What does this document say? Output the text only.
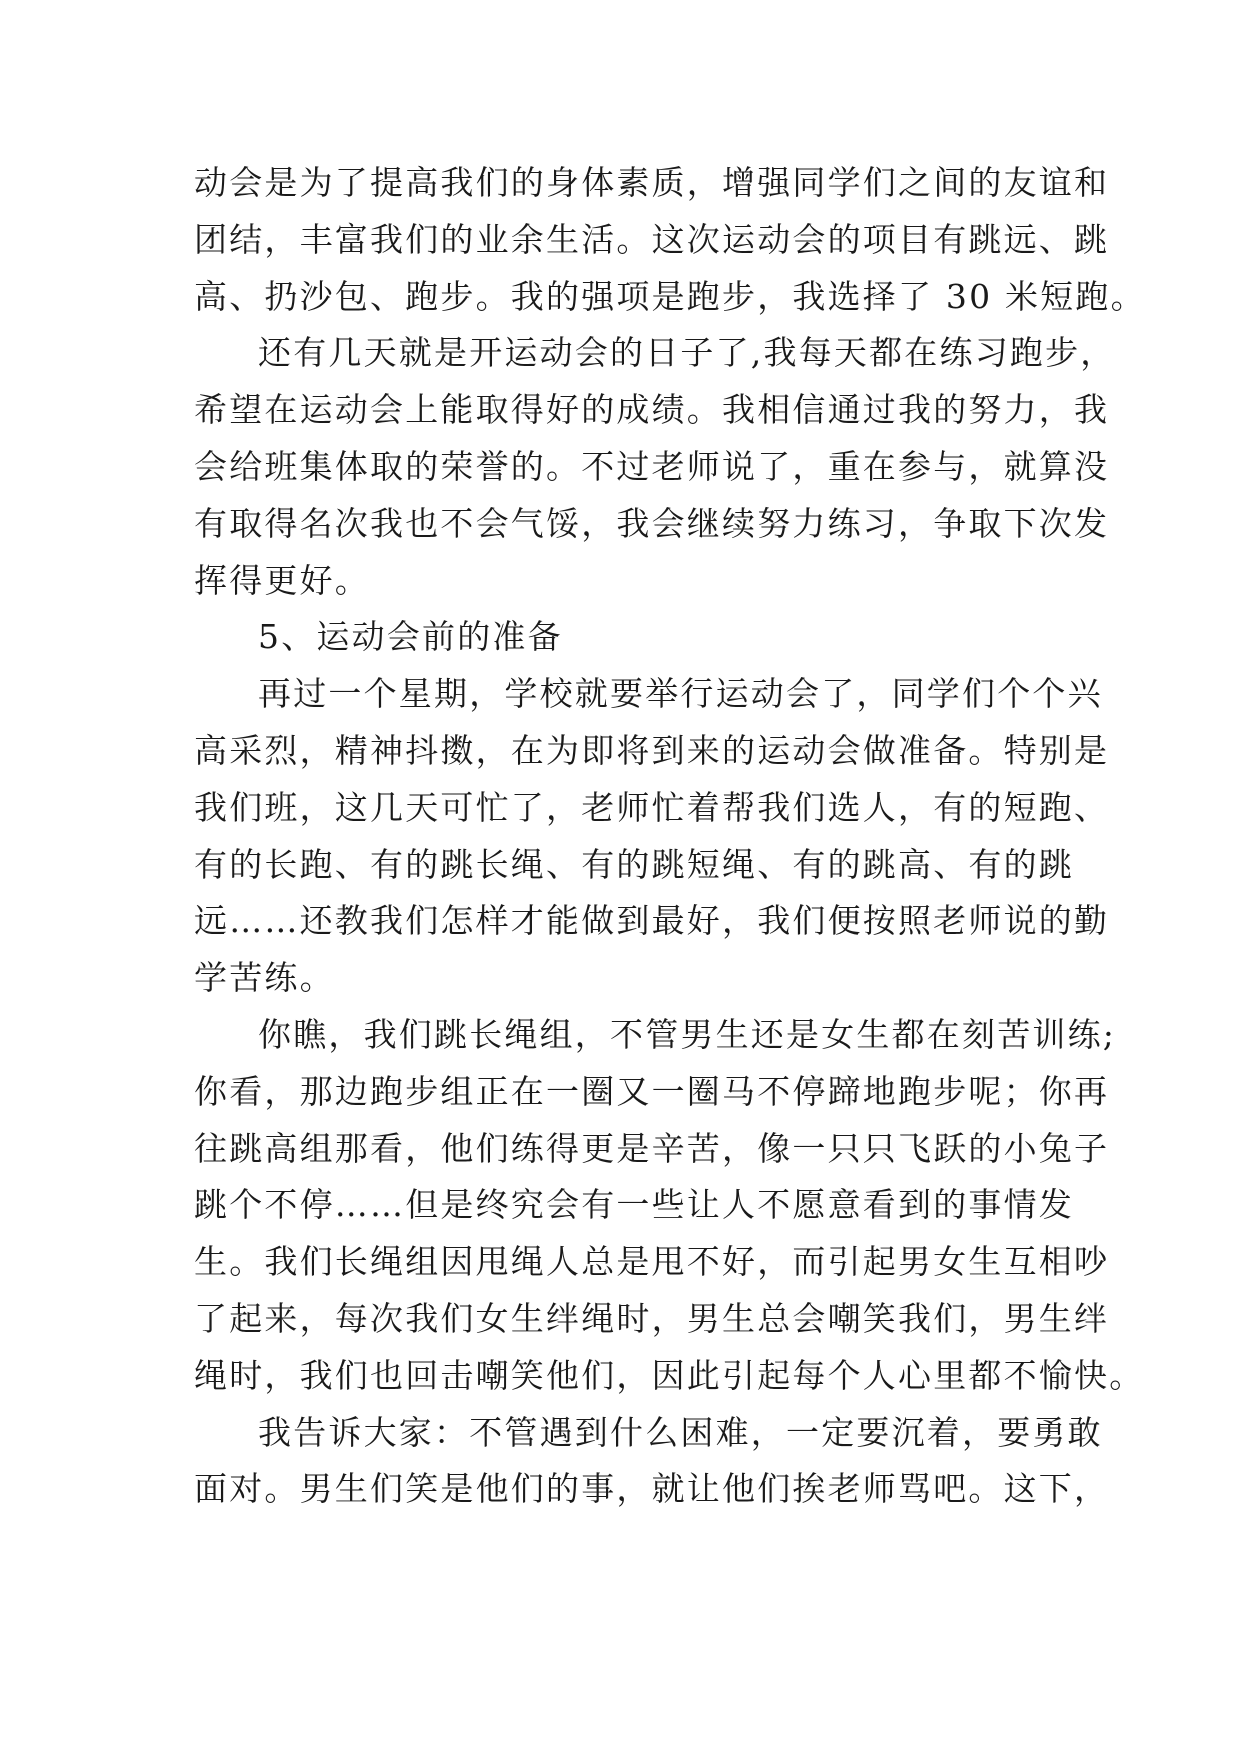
动会是为了提高我们的身体素质，增强同学们之间的友谊和
团结，丰富我们的业余生活。这次运动会的项目有跳远、跳
高、扔沙包、跑步。我的强项是跑步，我选择了 30 米短跑。
还有几天就是开运动会的日子了,我每天都在练习跑步，
希望在运动会上能取得好的成绩。我相信通过我的努力，我
会给班集体取的荣誉的。不过老师说了，重在参与，就算没
有取得名次我也不会气馁，我会继续努力练习，争取下次发
挥得更好。
5、运动会前的准备
再过一个星期，学校就要举行运动会了，同学们个个兴
高采烈，精神抖擞，在为即将到来的运动会做准备。特别是
我们班，这几天可忙了，老师忙着帮我们选人，有的短跑、
有的长跑、有的跳长绳、有的跳短绳、有的跳高、有的跳
远……还教我们怎样才能做到最好，我们便按照老师说的勤
学苦练。
你瞧，我们跳长绳组，不管男生还是女生都在刻苦训练;
你看，那边跑步组正在一圈又一圈马不停蹄地跑步呢；你再
往跳高组那看，他们练得更是辛苦，像一只只飞跃的小兔子
跳个不停……但是终究会有一些让人不愿意看到的事情发
生。我们长绳组因甩绳人总是甩不好，而引起男女生互相吵
了起来，每次我们女生绊绳时，男生总会嘲笑我们，男生绊
绳时，我们也回击嘲笑他们，因此引起每个人心里都不愉快。
我告诉大家：不管遇到什么困难，一定要沉着，要勇敢
面对。男生们笑是他们的事，就让他们挨老师骂吧。这下，
